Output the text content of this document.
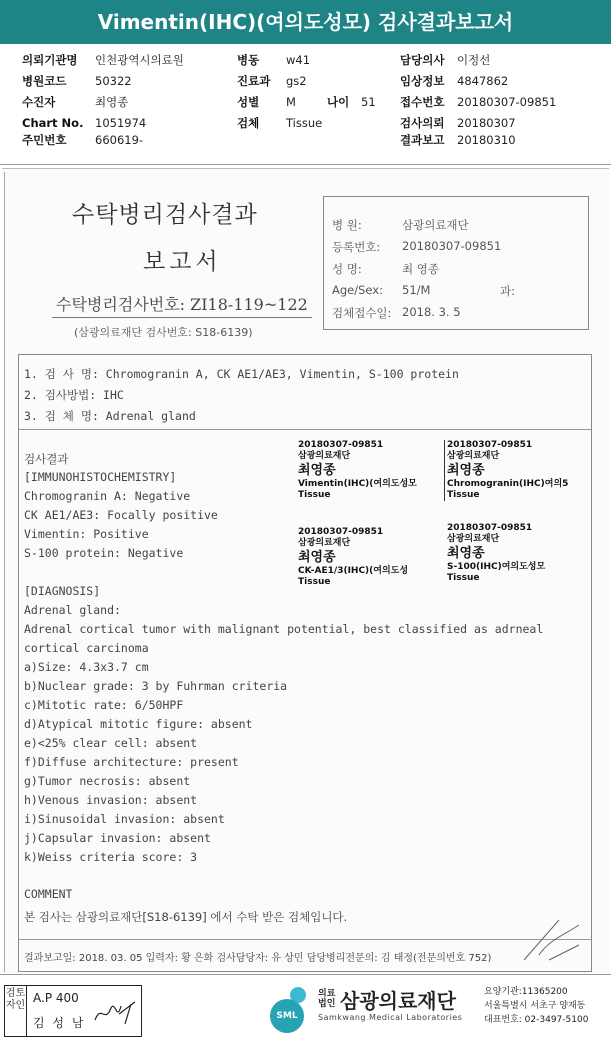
Vimentin(IHC)(여의도성모) 검사결과보고서
의뢰기관명 인천광역시의료원	병동 w41	담당의사 이정선
병원코드 50322	진료과 gs2	임상정보 4847862
수진자	최영종	성별 M	나이 51 접수번호 20180307-09851
Chart No. 1051974	검체 Tissue	검사의뢰 20180307
주민번호 660619-	결과보고 20180310
수탁병리검사결과
보고서
수탁병리검사번호: ZI18-119~122
(삼광의료재단 검사번호: S18-6139)
병 원:	삼광의료재단
등록번호: 20180307-09851
성 명:	최 영종
Age/Sex: 51/M	과:
검체접수일: 2018. 3. 5
1. 검 사 명: Chromogranin A, CK AE1/AE3, Vimentin, S-100 protein
2. 검사방법: IHC
3. 검 체 명: Adrenal gland
검사결과
[IMMUNOHISTOCHEMISTRY]
Chromogranin A: Negative
CK AE1/AE3: Focally positive
Vimentin: Positive
S-100 protein: Negative
[DIAGNOSIS]
Adrenal gland:
Adrenal cortical tumor with malignant potential, best classified as adrneal
cortical carcinoma
a)Size: 4.3x3.7 cm
b)Nuclear grade: 3 by Fuhrman criteria
c)Mitotic rate: 6/50HPF
d)Atypical mitotic figure: absent
e)<25% clear cell: absent
f)Diffuse architecture: present
g)Tumor necrosis: absent
h)Venous invasion: absent
i)Sinusoidal invasion: absent
j)Capsular invasion: absent
k)Weiss criteria score: 3
COMMENT
본 검사는 삼광의료재단[S18-6139] 에서 수탁 받은 검체입니다.
결과보고일: 2018. 03. 05 입력자: 황 은화 검사담당자: 유 상민 담당병리전문의: 김 태정(전문의번호 752)
20180307-09851
삼광의료재단
최영종
Vimentin(IHC)(여의도성모
Tissue
20180307-09851
삼광의료재단
최영종
Chromogranin(IHC)여의5
Tissue
20180307-09851
삼광의료재단
최영종
CK-AE1/3(IHC)(여의도성
Tissue
20180307-09851
삼광의료재단
최영종
S-100(IHC)여의도성모
Tissue
검토자인
A.P 400
김 성 남	SML
의료
법인 삼광의료재단
Samkwang Medical Laboratories
요양기관:11365200
서울특별시 서초구 양재동
대표번호: 02-3497-5100
